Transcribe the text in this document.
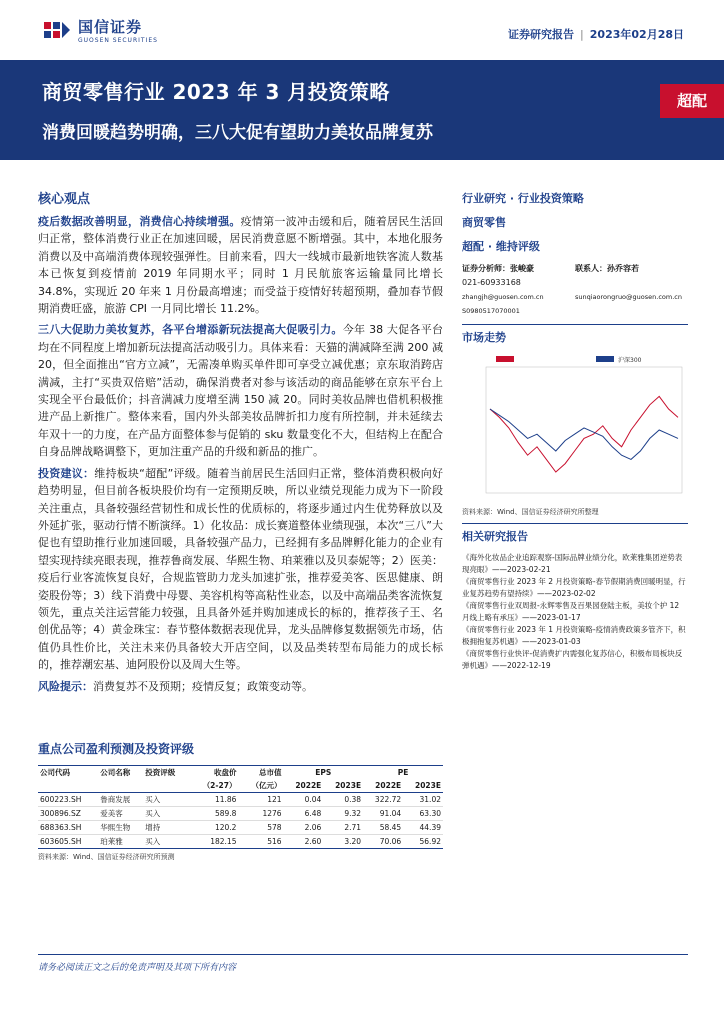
国信证券
GUOSEN SECURITIES	证券研究报告 | 2023年02月28日
商贸零售行业 2023 年 3 月投资策略
消费回暖趋势明确，三八大促有望助力美妆品牌复苏
超配
核心观点

疫后数据改善明显，消费信心持续增强。疫情第一波冲击缓和后，随着居民生活回归正常，整体消费行业正在加速回暖，居民消费意愿不断增强。其中，本地化服务消费以及中高端消费体现较强弹性。目前来看，四大一线城市最新地铁客流人数基本已恢复到疫情前 2019 年同期水平；同时 1 月民航旅客运输量同比增长 34.8%，实现近 20 年来 1 月份最高增速；而受益于疫情好转超预期，叠加春节假期消费旺盛，旅游 CPI 一月同比增长 11.2%。

三八大促助力美妆复苏，各平台增添新玩法提高大促吸引力。今年 38 大促各平台均在不同程度上增加新玩法提高活动吸引力。具体来看：天猫的满减降至满 200 减 20，但全面推出“官方立减”，无需凑单购买单件即可享受立减优惠；京东取消跨店满减，主打“买贵双倍赔”活动，确保消费者对参与该活动的商品能够在京东平台上实现全平台最低价；抖音满减力度增至满 150 减 20。同时美妆品牌也借机积极推进产品上新推广。整体来看，国内外头部美妆品牌折扣力度有所控制，并未延续去年双十一的力度，在产品方面整体参与促销的 sku 数量变化不大，但结构上在配合自身品牌战略调整下，更加注重产品的升级和新品的推广。

投资建议：维持板块“超配”评级。随着当前居民生活回归正常，整体消费积极向好趋势明显，但目前各板块股价均有一定预期反映，所以业绩兑现能力成为下一阶段关注重点，具备较强经营韧性和成长性的优质标的，将逐步通过内生优势释放以及外延扩张，驱动行情不断演绎。1）化妆品：成长赛道整体业绩现强，本次“三八”大促也有望助推行业加速回暖，具备较强产品力，已经拥有多品牌孵化能力的企业有望实现持续亮眼表现，推荐鲁商发展、华熙生物、珀莱雅以及贝泰妮等；2）医美：疫后行业客流恢复良好，合规监管助力龙头加速扩张，推荐爱美客、医思健康、朗姿股份等；3）线下消费中母婴、美容机构等高粘性业态，以及中高端品类客流恢复领先，重点关注运营能力较强，且具备外延并购加速成长的标的，推荐孩子王、名创优品等；4）黄金珠宝：春节整体数据表现优异，龙头品牌修复数据领先市场，估值仍具性价比，关注未来仍具备较大开店空间，以及品类转型布局能力的成长标的，推荐潮宏基、迪阿股份以及周大生等。

风险提示：消费复苏不及预期；疫情反复；政策变动等。

重点公司盈利预测及投资评级
公司代码	公司名称	投资评级	收盘价	总市值	EPS		PE	
			（2-27）	（亿元）	2022E	2023E	2022E	2023E
600223.SH	鲁商发展	买入	11.86	121	0.04	0.38	322.72	31.02
300896.SZ	爱美客	买入	589.8	1276	6.48	9.32	91.04	63.30
688363.SH	华熙生物	增持	120.2	578	2.06	2.71	58.45	44.39
603605.SH	珀莱雅	买入	182.15	516	2.60	3.20	70.06	56.92
资料来源：Wind、国信证券经济研究所预测
行业研究 · 行业投资策略
商贸零售
超配 · 维持评级
证券分析师：张峻豪
021-60933168
zhangjh@guosen.com.cn
S0980517070001
联系人：孙乔容若

sunqiaorongruo@guosen.com.cn
市场走势
沪深300
资料来源：Wind、国信证券经济研究所整理
相关研究报告
《海外化妆品企业追踪观察-国际品牌业绩分化，欧莱雅集团逆势表现亮眼》——2023-02-21
《商贸零售行业 2023 年 2 月投资策略-春节假期消费回暖明显，行业复苏趋势有望持续》——2023-02-02
《商贸零售行业双周报-永辉零售及百果园登陆主板，美妆个护 12 月线上略有承压》——2023-01-17
《商贸零售行业 2023 年 1 月投资策略-疫情消费政策多管齐下，积极拥抱复苏机遇》——2023-01-03
《商贸零售行业快评-促消费扩内需强化复苏信心，积极布局板块反弹机遇》——2022-12-19
请务必阅读正文之后的免责声明及其项下所有内容
